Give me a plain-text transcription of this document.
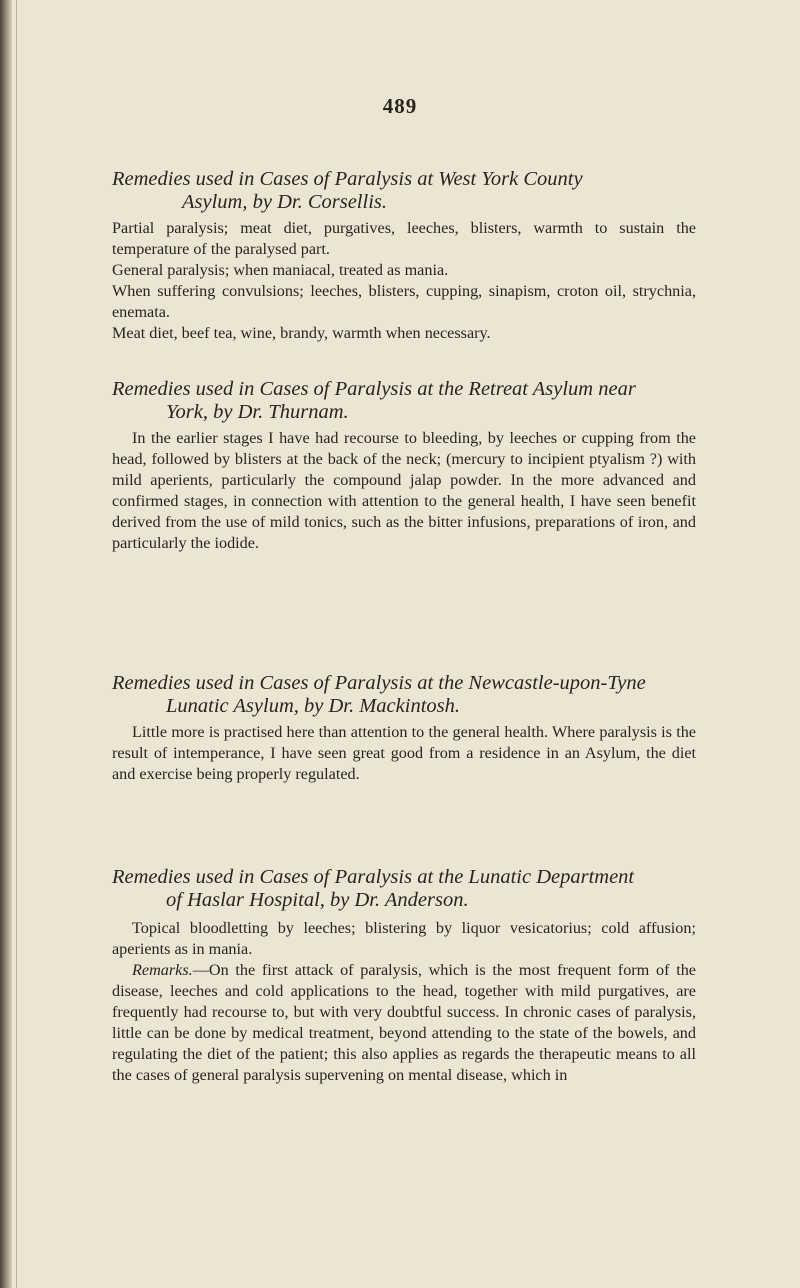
489

Remedies used in Cases of Paralysis at West York County
Asylum, by Dr. Corsellis.

Partial paralysis; meat diet, purgatives, leeches, blisters, warmth to sustain the temperature of the paralysed part.

General paralysis; when maniacal, treated as mania.

When suffering convulsions; leeches, blisters, cupping, sinapism, croton oil, strychnia, enemata.

Meat diet, beef tea, wine, brandy, warmth when necessary.

Remedies used in Cases of Paralysis at the Retreat Asylum near
York, by Dr. Thurnam.

In the earlier stages I have had recourse to bleeding, by leeches or cupping from the head, followed by blisters at the back of the neck; (mercury to incipient ptyalism ?) with mild aperients, particularly the compound jalap powder. In the more advanced and confirmed stages, in connection with attention to the general health, I have seen benefit derived from the use of mild tonics, such as the bitter infusions, preparations of iron, and particularly the iodide.

Remedies used in Cases of Paralysis at the Newcastle-upon-Tyne
Lunatic Asylum, by Dr. Mackintosh.

Little more is practised here than attention to the general health. Where paralysis is the result of intemperance, I have seen great good from a residence in an Asylum, the diet and exercise being properly regulated.

Remedies used in Cases of Paralysis at the Lunatic Department
of Haslar Hospital, by Dr. Anderson.

Topical bloodletting by leeches; blistering by liquor vesicatorius; cold affusion; aperients as in mania.

Remarks.—On the first attack of paralysis, which is the most frequent form of the disease, leeches and cold applications to the head, together with mild purgatives, are frequently had recourse to, but with very doubtful success. In chronic cases of paralysis, little can be done by medical treatment, beyond attending to the state of the bowels, and regulating the diet of the patient; this also applies as regards the therapeutic means to all the cases of general paralysis supervening on mental disease, which in
